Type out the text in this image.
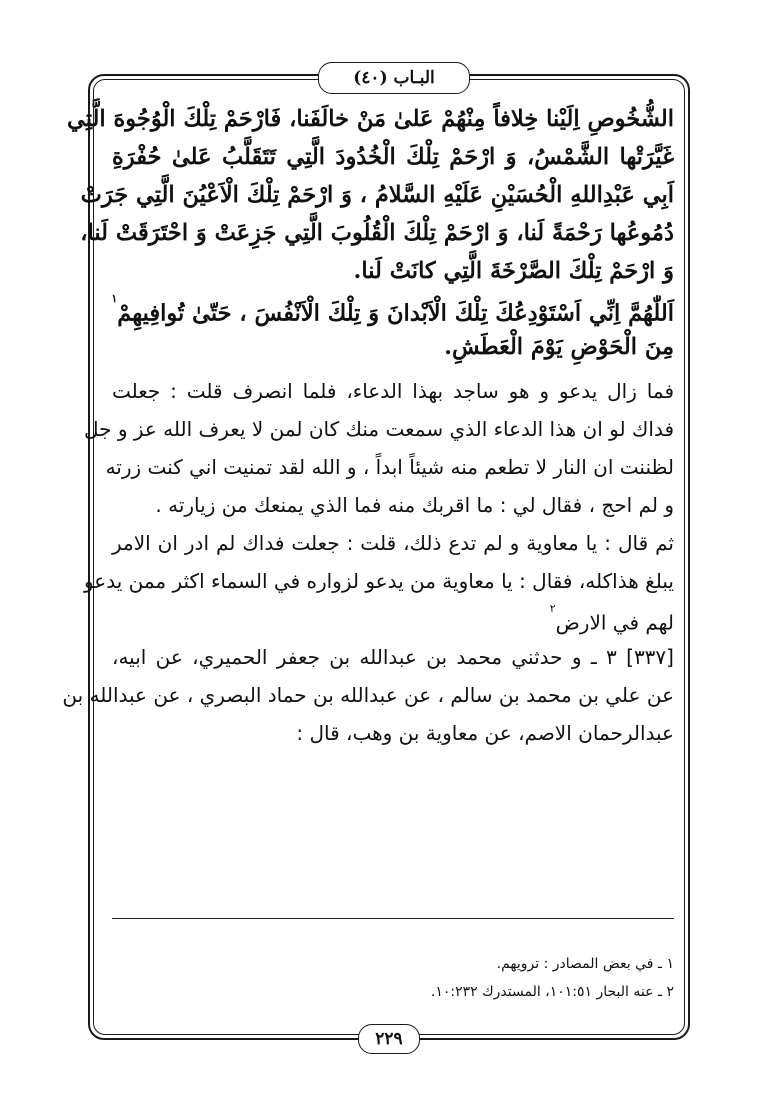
البـاب (٤٠)
الشُّخُوصِ اِلَيْنا خِلافاً مِنْهُمْ عَلىٰ مَنْ خالَفَنا، فَارْحَمْ تِلْكَ الْوُجُوهَ الَّتِي
غَيَّرَتْها الشَّمْسُ، وَ ارْحَمْ تِلْكَ الْخُدُودَ الَّتِي تَتَقَلَّبُ عَلىٰ حُفْرَةِ
اَبِي عَبْدِاللهِ الْحُسَيْنِ عَلَيْهِ السَّلامُ ، وَ ارْحَمْ تِلْكَ الْاَعْيُنَ الَّتِي جَرَتْ
دُمُوعُها رَحْمَةً لَنا، وَ ارْحَمْ تِلْكَ الْقُلُوبَ الَّتِي جَزِعَتْ وَ احْتَرَقَتْ لَنا،
وَ ارْحَمْ تِلْكَ الصَّرْخَةَ الَّتِي كانَتْ لَنا.
اَللّٰهُمَّ اِنِّي اَسْتَوْدِعُكَ تِلْكَ الْاَبْدانَ وَ تِلْكَ الْاَنْفُسَ ، حَتّىٰ تُوافِيهِمْ$^١$
مِنَ الْحَوْضِ يَوْمَ الْعَطَشِ.
فما زال يدعو و هو ساجد بهذا الدعاء، فلما انصرف قلت : جعلت
فداك لو ان هذا الدعاء الذي سمعت منك كان لمن لا يعرف الله عز و جل
لظننت ان النار لا تطعم منه شيئاً ابداً ، و الله لقد تمنيت اني كنت زرته
و لم احج ، فقال لي : ما اقربك منه فما الذي يمنعك من زيارته .
ثم قال : يا معاوية و لم تدع ذلك، قلت : جعلت فداك لم ادر ان الامر
يبلغ هذاكله، فقال : يا معاوية من يدعو لزواره في السماء اكثر ممن يدعو
لهم في الارض$^٢$
[٣٣٧] ٣ ـ و حدثني محمد بن عبدالله بن جعفر الحميري، عن ابيه،
عن علي بن محمد بن سالم ، عن عبدالله بن حماد البصري ، عن عبدالله بن
عبدالرحمان الاصم، عن معاوية بن وهب، قال :
١ ـ في بعض المصادر : ترويهم.
٢ ـ عنه البحار ١٠١:٥١، المستدرك ١٠:٢٣٢.
٢٢٩
